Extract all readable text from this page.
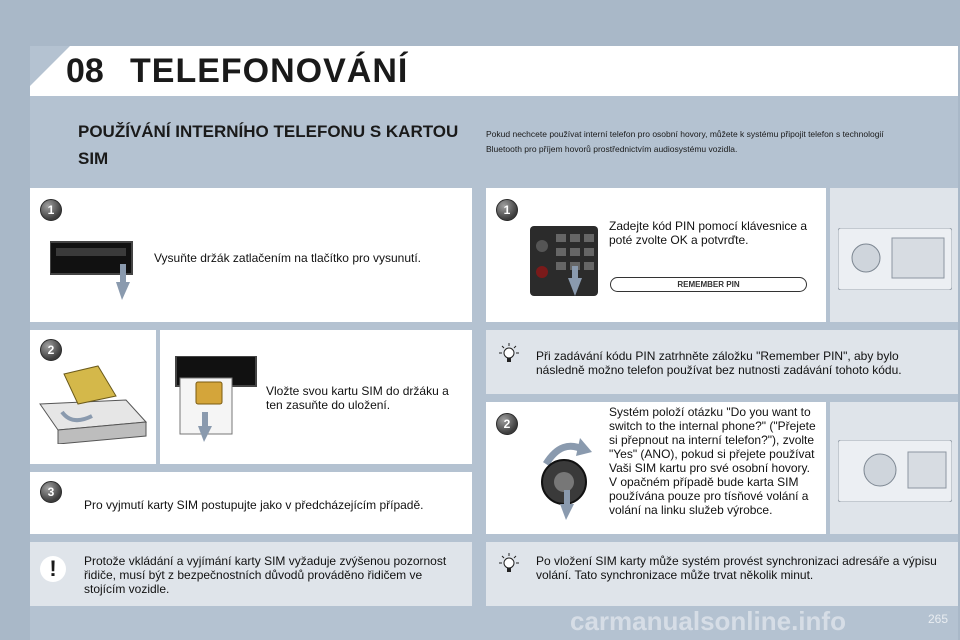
08 TELEFONOVÁNÍ
POUŽÍVÁNÍ INTERNÍHO TELEFONU S KARTOU SIM
Pokud nechcete používat interní telefon pro osobní hovory, můžete k systému připojit telefon s technologií Bluetooth pro příjem hovorů prostřednictvím audiosystému vozidla.
1
Vysuňte držák zatlačením na tlačítko pro vysunutí.
2
Vložte svou kartu SIM do držáku a ten zasuňte do uložení.
3
Pro vyjmutí karty SIM postupujte jako v předcházejícím případě.
!	Protože vkládání a vyjímání karty SIM vyžaduje zvýšenou pozornost řidiče, musí být z bezpečnostních důvodů prováděno řidičem ve stojícím vozidle.
1
Zadejte kód PIN pomocí klávesnice a poté zvolte OK a potvrďte.
REMEMBER PIN
Při zadávání kódu PIN zatrhněte záložku "Remember PIN", aby bylo následně možno telefon používat bez nutnosti zadávání tohoto kódu.
2
Systém položí otázku "Do you want to switch to the internal phone?" ("Přejete si přepnout na interní telefon?"), zvolte "Yes" (ANO), pokud si přejete používat Vaši SIM kartu pro své osobní hovory. V opačném případě bude karta SIM používána pouze pro tísňové volání a volání na linku služeb výrobce.
Po vložení SIM karty může systém provést synchronizaci adresáře a výpisu volání. Tato synchronizace může trvat několik minut.
carmanualsonline.info	265
